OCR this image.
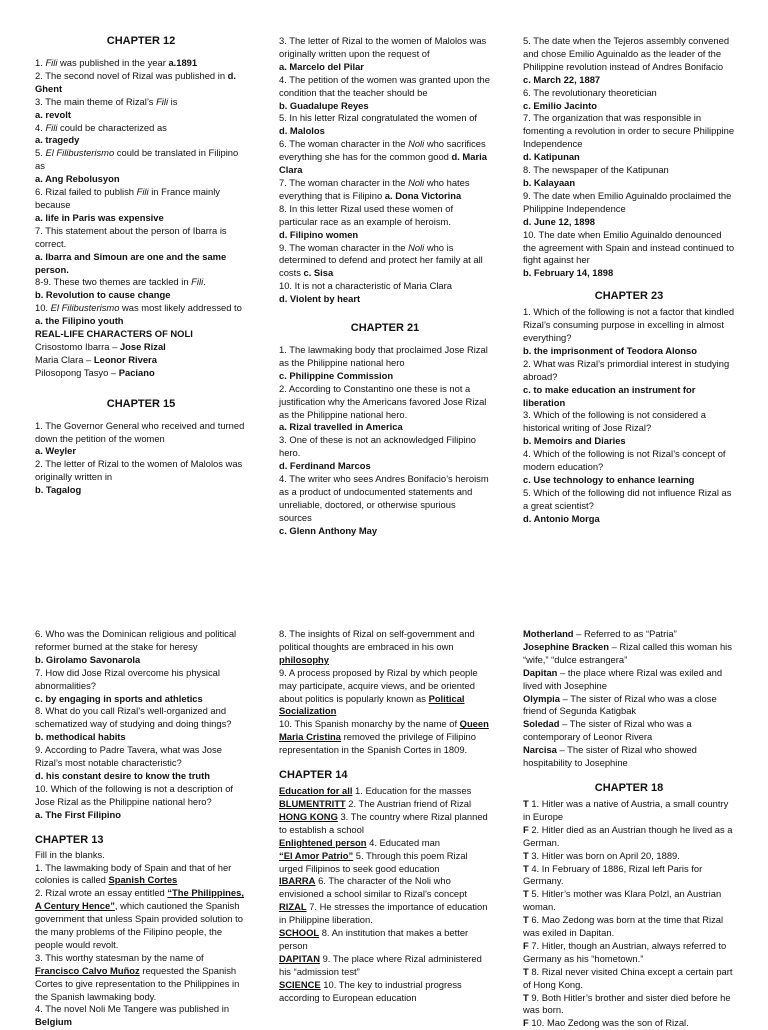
CHAPTER 12

1. Fili was published in the year a.1891

2. The second novel of Rizal was published in d. Ghent

3. The main theme of Rizal’s Fili is

a. revolt

4. Fili could be characterized as

a. tragedy

5. El Filibusterismo could be translated in Filipino as

a. Ang Rebolusyon

6. Rizal failed to publish Fili in France mainly because

a. life in Paris was expensive

7. This statement about the person of Ibarra is correct.

a. Ibarra and Simoun are one and the same person.

8-9. These two themes are tackled in Fili.

b. Revolution to cause change

10. El Filibusterismo was most likely addressed to

a. the Filipino youth

REAL-LIFE CHARACTERS OF NOLI

Crisostomo Ibarra – Jose Rizal

Maria Clara – Leonor Rivera

Pilosopong Tasyo – Paciano

CHAPTER 15

1. The Governor General who received and turned down the petition of the women

a. Weyler

2. The letter of Rizal to the women of Malolos was originally written in

b. Tagalog

3. The letter of Rizal to the women of Malolos was originally written upon the request of

a. Marcelo del Pilar

4. The petition of the women was granted upon the condition that the teacher should be

b. Guadalupe Reyes

5. In his letter Rizal congratulated the women of

d. Malolos

6. The woman character in the Noli who sacrifices everything she has for the common good d. Maria Clara

7. The woman character in the Noli who hates everything that is Filipino a. Dona Victorina

8. In this letter Rizal used these women of particular race as an example of heroism.

d. Filipino women

9. The woman character in the Noli who is determined to defend and protect her family at all costs c. Sisa

10. It is not a characteristic of Maria Clara

d. Violent by heart

CHAPTER 21

1. The lawmaking body that proclaimed Jose Rizal as the Philippine national hero

c. Philippine Commission

2. According to Constantino one these is not a justification why the Americans favored Jose Rizal as the Philippine national hero.

a. Rizal travelled in America

3. One of these is not an acknowledged Filipino hero.

d. Ferdinand Marcos

4. The writer who sees Andres Bonifacio’s heroism as a product of undocumented statements and unreliable, doctored, or otherwise spurious sources

c. Glenn Anthony May

5. The date when the Tejeros assembly convened and chose Emilio Aguinaldo as the leader of the Philippine revolution instead of Andres Bonifacio

c. March 22, 1887

6. The revolutionary theoretician

c. Emilio Jacinto

7. The organization that was responsible in fomenting a revolution in order to secure Philippine Independence

d. Katipunan

8. The newspaper of the Katipunan

b. Kalayaan

9. The date when Emilio Aguinaldo proclaimed the Philippine Independence

d. June 12, 1898

10. The date when Emilio Aguinaldo denounced the agreement with Spain and instead continued to fight against her

b. February 14, 1898

CHAPTER 23

1. Which of the following is not a factor that kindled Rizal’s consuming purpose in excelling in almost everything?

b. the imprisonment of Teodora Alonso

2. What was Rizal’s primordial interest in studying abroad?

c. to make education an instrument for liberation

3. Which of the following is not considered a historical writing of Jose Rizal?

b. Memoirs and Diaries

4. Which of the following is not Rizal’s concept of modern education?

c. Use technology to enhance learning

5. Which of the following did not influence Rizal as a great scientist?

d. Antonio Morga

6. Who was the Dominican religious and political reformer burned at the stake for heresy

b. Girolamo Savonarola

7. How did Jose Rizal overcome his physical abnormalities?

c. by engaging in sports and athletics

8. What do you call Rizal’s well-organized and schematized way of studying and doing things?

b. methodical habits

9. According to Padre Tavera, what was Jose Rizal’s most notable characteristic?

d. his constant desire to know the truth

10. Which of the following is not a description of Jose Rizal as the Philippine national hero?

a. The First Filipino

CHAPTER 13

Fill in the blanks.

1. The lawmaking body of Spain and that of her colonies is called Spanish Cortes

2. Rizal wrote an essay entitled “The Philippines, A Century Hence”, which cautioned the Spanish government that unless Spain provided solution to the many problems of the Filipino people, the people would revolt.

3. This worthy statesman by the name of Francisco Calvo Muñoz requested the Spanish Cortes to give representation to the Philippines in the Spanish lawmaking body.

4. The novel Noli Me Tangere was published in

Belgium

8. The insights of Rizal on self-government and political thoughts are embraced in his own philosophy

9. A process proposed by Rizal by which people may participate, acquire views, and be oriented about politics is popularly known as Political Socialization

10. This Spanish monarchy by the name of Queen Maria Cristina removed the privilege of Filipino representation in the Spanish Cortes in 1809.

CHAPTER 14

Education for all 1. Education for the masses

BLUMENTRITT 2. The Austrian friend of Rizal

HONG KONG 3. The country where Rizal planned to establish a school

Enlightened person 4. Educated man

“El Amor Patrio” 5. Through this poem Rizal urged Filipinos to seek good education

IBARRA 6. The character of the Noli who envisioned a school similar to Rizal’s concept

RIZAL 7. He stresses the importance of education in Philippine liberation.

SCHOOL 8. An institution that makes a better person

DAPITAN 9. The place where Rizal administered his “admission test”

SCIENCE 10. The key to industrial progress according to European education

Motherland – Referred to as “Patria”

Josephine Bracken – Rizal called this woman his “wife,” “dulce estrangera”

Dapitan – the place where Rizal was exiled and lived with Josephine

Olympia – The sister of Rizal who was a close friend of Segunda Katigbak

Soledad – The sister of Rizal who was a contemporary of Leonor Rivera

Narcisa – The sister of Rizal who showed hospitability to Josephine

CHAPTER 18

T 1. Hitler was a native of Austria, a small country in Europe

F 2. Hitler died as an Austrian though he lived as a German.

T 3. Hitler was born on April 20, 1889.

T 4. In February of 1886, Rizal left Paris for Germany.

T 5. Hitler’s mother was Klara Polzl, an Austrian woman.

T 6. Mao Zedong was born at the time that Rizal was exiled in Dapitan.

F 7. Hitler, though an Austrian, always referred to Germany as his “hometown.”

T 8. Rizal never visited China except a certain part of Hong Kong.

T 9. Both Hitler’s brother and sister died before he was born.

F 10. Mao Zedong was the son of Rizal.
